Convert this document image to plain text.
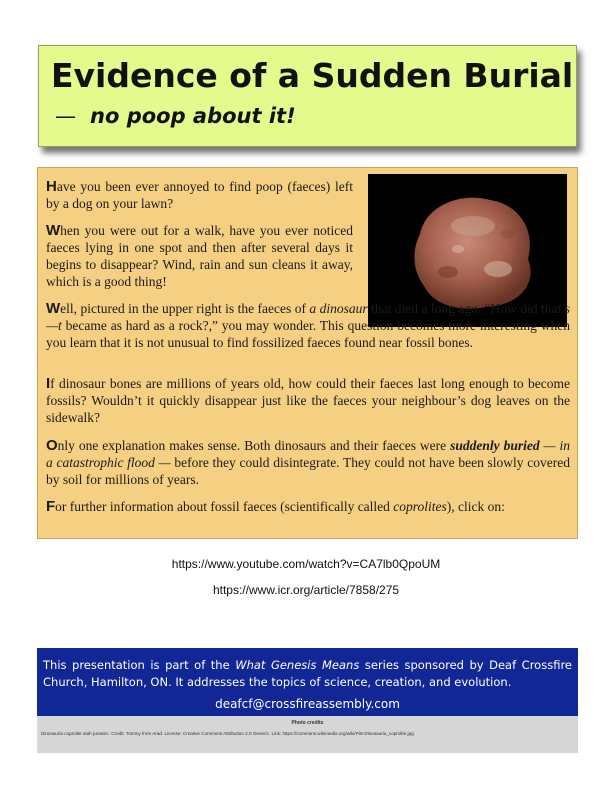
Evidence of a Sudden Burial
— no poop about it!

Have you been ever annoyed to find poop (faeces) left by a dog on your lawn?

When you were out for a walk, have you ever noticed faeces lying in one spot and then after several days it begins to disappear? Wind, rain and sun cleans it away, which is a good thing!

Well, pictured in the upper right is the faeces of a dinosaur that died a long ago. “How did that s—t became as hard as a rock?,” you may wonder. This question becomes more interesting when you learn that it is not unusual to find fossilized faeces found near fossil bones.

If dinosaur bones are millions of years old, how could their faeces last long enough to become fossils? Wouldn’t it quickly disappear just like the faeces your neighbour’s dog leaves on the sidewalk?

Only one explanation makes sense. Both dinosaurs and their faeces were suddenly buried — in a catastrophic flood — before they could disintegrate. They could not have been slowly covered by soil for millions of years.

For further information about fossil faeces (scientifically called coprolites), click on:

https://www.youtube.com/watch?v=CA7lb0QpoUM
https://www.icr.org/article/7858/275

This presentation is part of the What Genesis Means series sponsored by Deaf Crossfire Church, Hamilton, ON. It addresses the topics of science, creation, and evolution.

deafcf@crossfireassembly.com
Photo credits
Dinosauria coprolite utah jurassic. Credit: Tommy from Arad. License: Creative Commons Attribution 2.0 Generic. Link: https://commons.wikimedia.org/wiki/File:Dinosauria_coprolite.jpg.
